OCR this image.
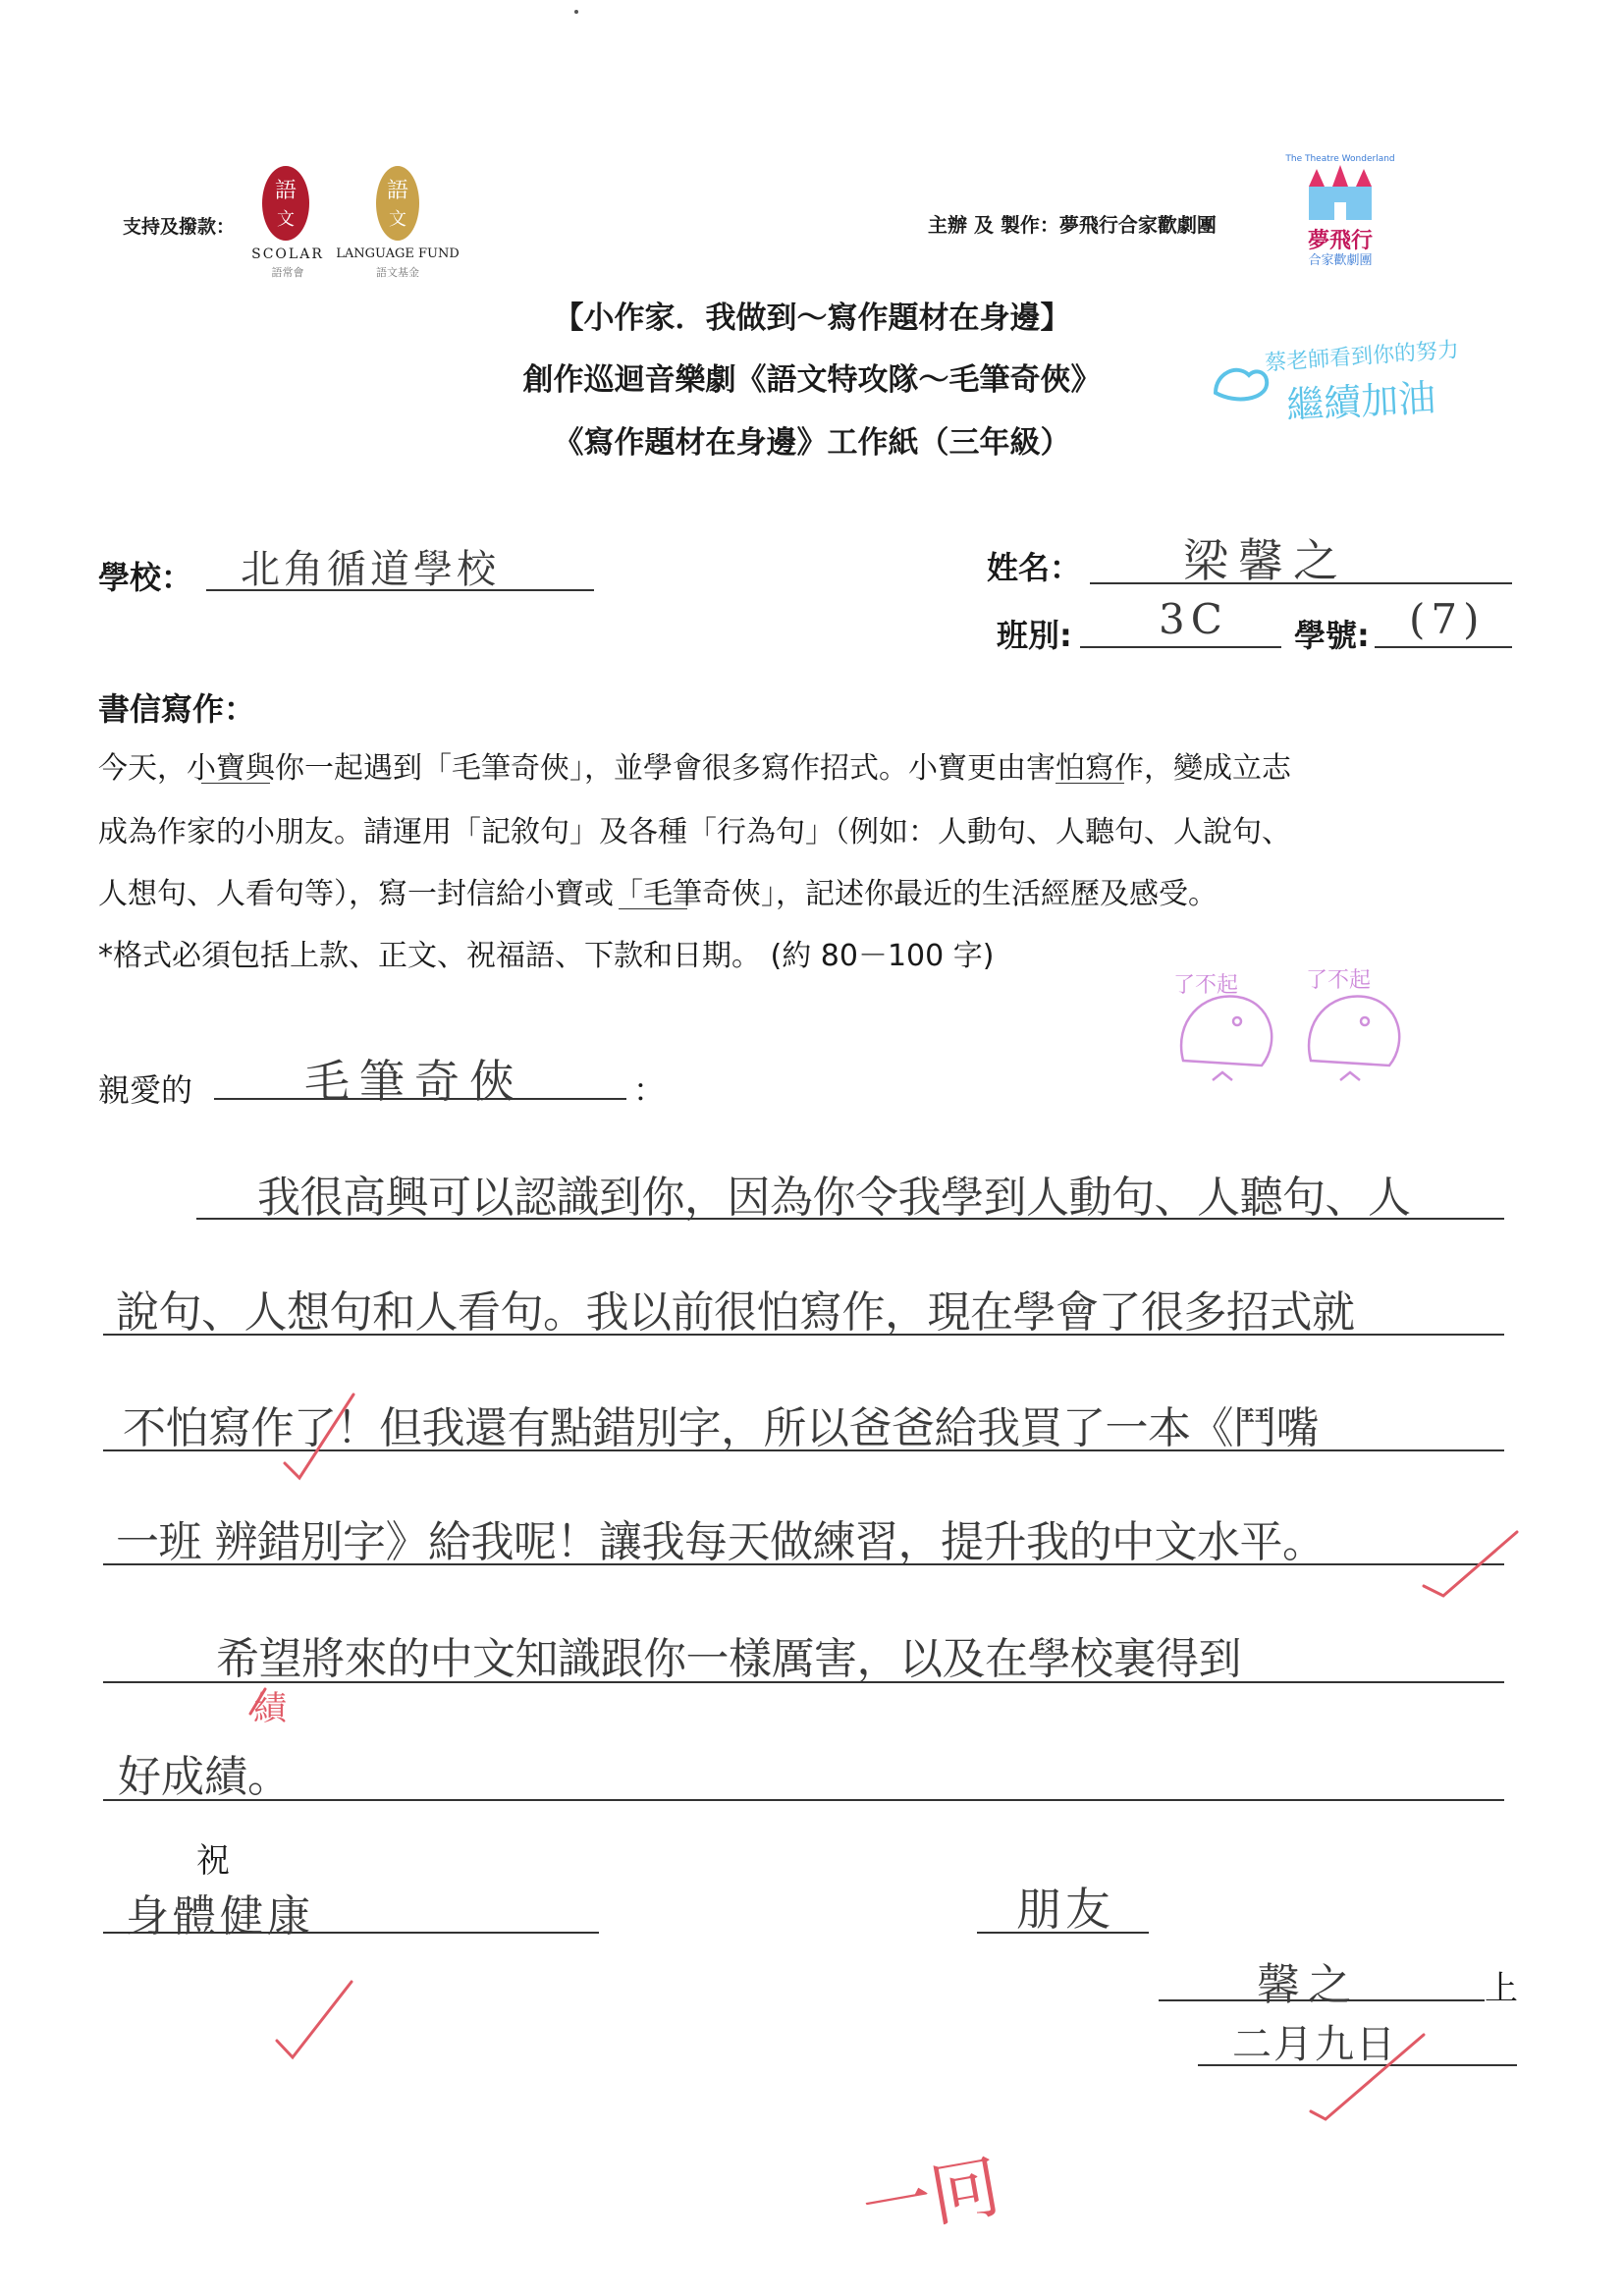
支持及撥款：
語
文
SCOLAR
語常會
語
文
LANGUAGE FUND
語文基金
主辦 及 製作：夢飛行合家歡劇團
The Theatre Wonderland
夢飛行
合家歡劇團
【小作家．我做到～寫作題材在身邊】
創作巡迴音樂劇《語文特攻隊～毛筆奇俠》
《寫作題材在身邊》工作紙（三年級）
蔡老師看到你的努力
繼續加油
學校： 北角循道學校	姓名： 梁馨之
班別: 3C 學號: (7)
書信寫作：
今天，小寶與你一起遇到「毛筆奇俠」，並學會很多寫作招式。小寶更由害怕寫作，變成立志
成為作家的小朋友。請運用「記敘句」及各種「行為句」（例如：人動句、人聽句、人說句、
人想句、人看句等），寫一封信給小寶或「毛筆奇俠」，記述你最近的生活經歷及感受。
*格式必須包括上款、正文、祝福語、下款和日期。 (約 80－100 字)
了不起	了不起
親愛的 毛筆奇俠	：
我很高興可以認識到你，因為你令我學到人動句、人聽句、人
說句、人想句和人看句。我以前很怕寫作，現在學會了很多招式就
不怕寫作了！但我還有點錯別字，所以爸爸給我買了一本《鬥嘴
一班 辨錯別字》給我呢！讓我每天做練習，提升我的中文水平。
希望將來的中文知識跟你一樣厲害，以及在學校裏得到
績
好成績。
祝
身體健康	朋友
馨之	上
二月九日
一冋
